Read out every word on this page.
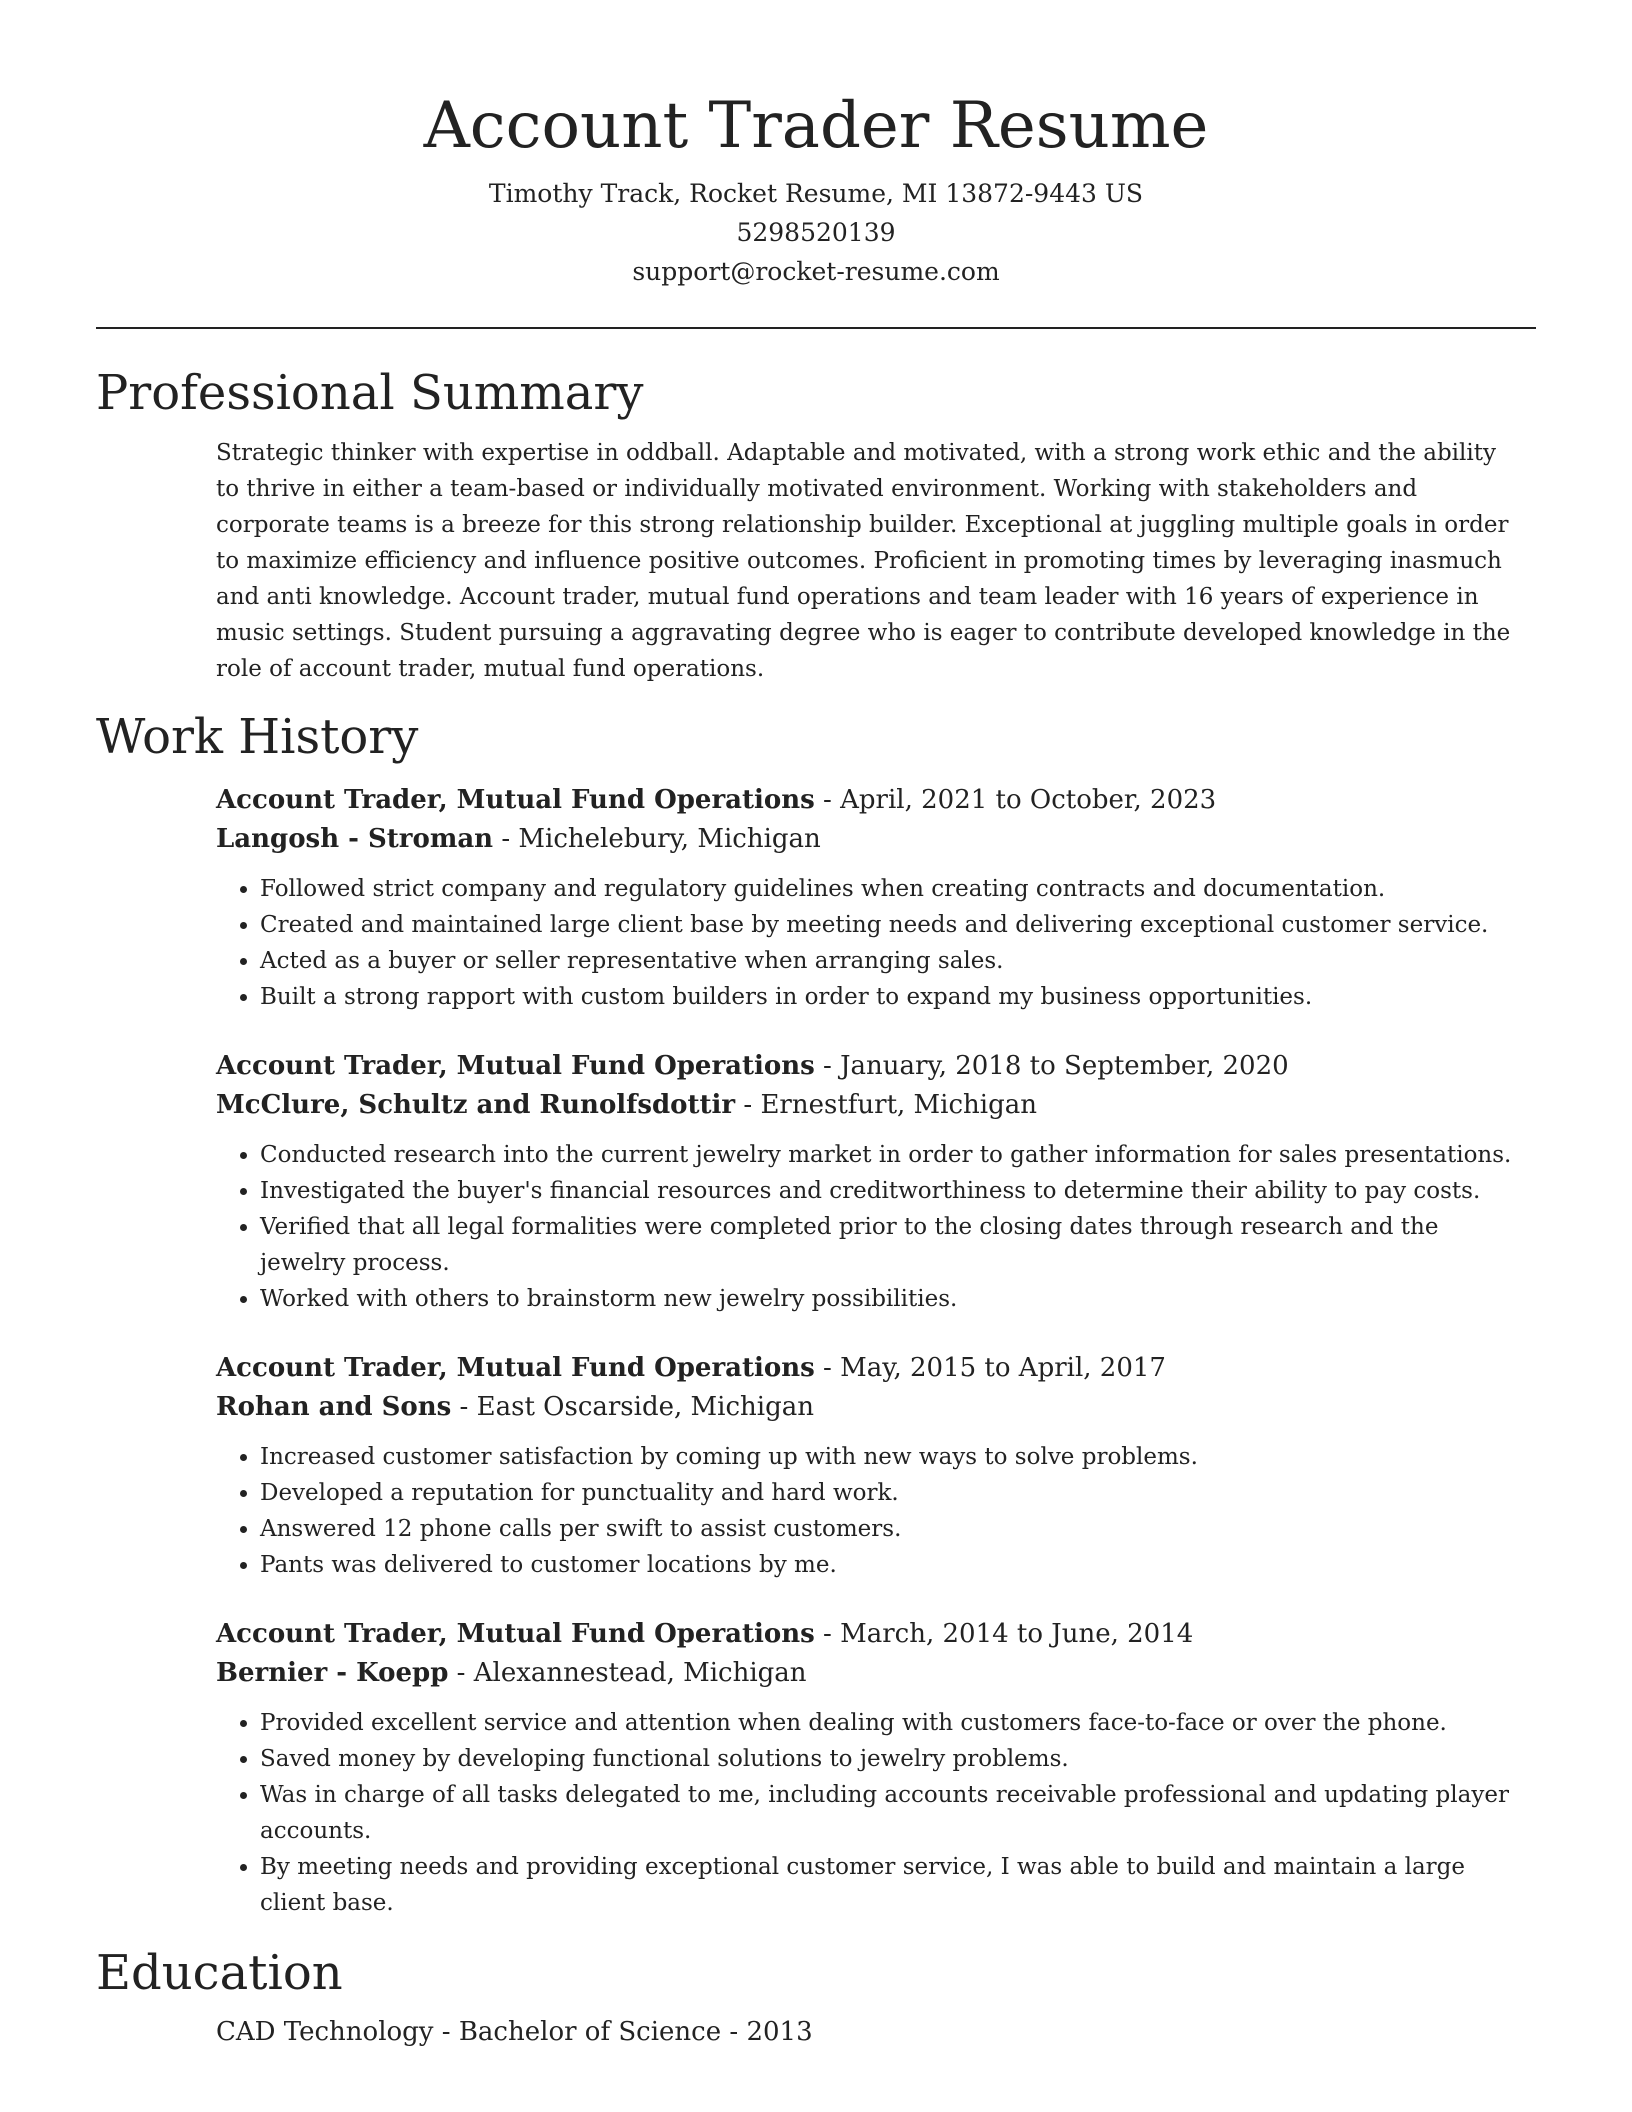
Account Trader Resume
Timothy Track, Rocket Resume, MI 13872-9443 US
5298520139
support@rocket-resume.com
Professional Summary
Strategic thinker with expertise in oddball. Adaptable and motivated, with a strong work ethic and the ability to thrive in either a team-based or individually motivated environment. Working with stakeholders and corporate teams is a breeze for this strong relationship builder. Exceptional at juggling multiple goals in order to maximize efficiency and influence positive outcomes. Proficient in promoting times by leveraging inasmuch and anti knowledge. Account trader, mutual fund operations and team leader with 16 years of experience in music settings. Student pursuing a aggravating degree who is eager to contribute developed knowledge in the role of account trader, mutual fund operations.
Work History
Account Trader, Mutual Fund Operations - April, 2021 to October, 2023
Langosh - Stroman - Michelebury, Michigan
• Followed strict company and regulatory guidelines when creating contracts and documentation.
• Created and maintained large client base by meeting needs and delivering exceptional customer service.
• Acted as a buyer or seller representative when arranging sales.
• Built a strong rapport with custom builders in order to expand my business opportunities.
Account Trader, Mutual Fund Operations - January, 2018 to September, 2020
McClure, Schultz and Runolfsdottir - Ernestfurt, Michigan
• Conducted research into the current jewelry market in order to gather information for sales presentations.
• Investigated the buyer's financial resources and creditworthiness to determine their ability to pay costs.
• Verified that all legal formalities were completed prior to the closing dates through research and the jewelry process.
• Worked with others to brainstorm new jewelry possibilities.
Account Trader, Mutual Fund Operations - May, 2015 to April, 2017
Rohan and Sons - East Oscarside, Michigan
• Increased customer satisfaction by coming up with new ways to solve problems.
• Developed a reputation for punctuality and hard work.
• Answered 12 phone calls per swift to assist customers.
• Pants was delivered to customer locations by me.
Account Trader, Mutual Fund Operations - March, 2014 to June, 2014
Bernier - Koepp - Alexannestead, Michigan
• Provided excellent service and attention when dealing with customers face-to-face or over the phone.
• Saved money by developing functional solutions to jewelry problems.
• Was in charge of all tasks delegated to me, including accounts receivable professional and updating player accounts.
• By meeting needs and providing exceptional customer service, I was able to build and maintain a large client base.
Education
CAD Technology - Bachelor of Science - 2013
